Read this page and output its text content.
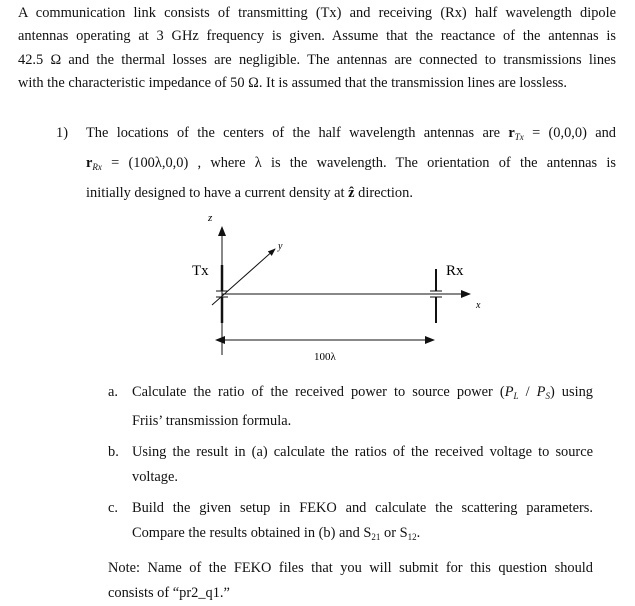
A communication link consists of transmitting (Tx) and receiving (Rx) half wavelength dipole
antennas operating at 3 GHz frequency is given. Assume that the reactance of the antennas is
42.5 Ω and the thermal losses are negligible. The antennas are connected to transmissions lines
with the characteristic impedance of 50 Ω. It is assumed that the transmission lines are lossless.
1) The locations of the centers of the half wavelength antennas are $r_{Tx} = (0,0,0)$ and
$r_{Rx} = (100\lambda,0,0)$ , where λ is the wavelength. The orientation of the antennas is
initially designed to have a current density at ẑ direction.
z
y
x
Tx	Rx
100λ
a. Calculate the ratio of the received power to source power $(P_L / P_S)$ using
Friis’ transmission formula.
b. Using the result in (a) calculate the ratios of the received voltage to source
voltage.
c. Build the given setup in FEKO and calculate the scattering parameters.
Compare the results obtained in (b) and $S_{21}$ or $S_{12}$.
Note: Name of the FEKO files that you will submit for this question should
consists of “pr2_q1.”
